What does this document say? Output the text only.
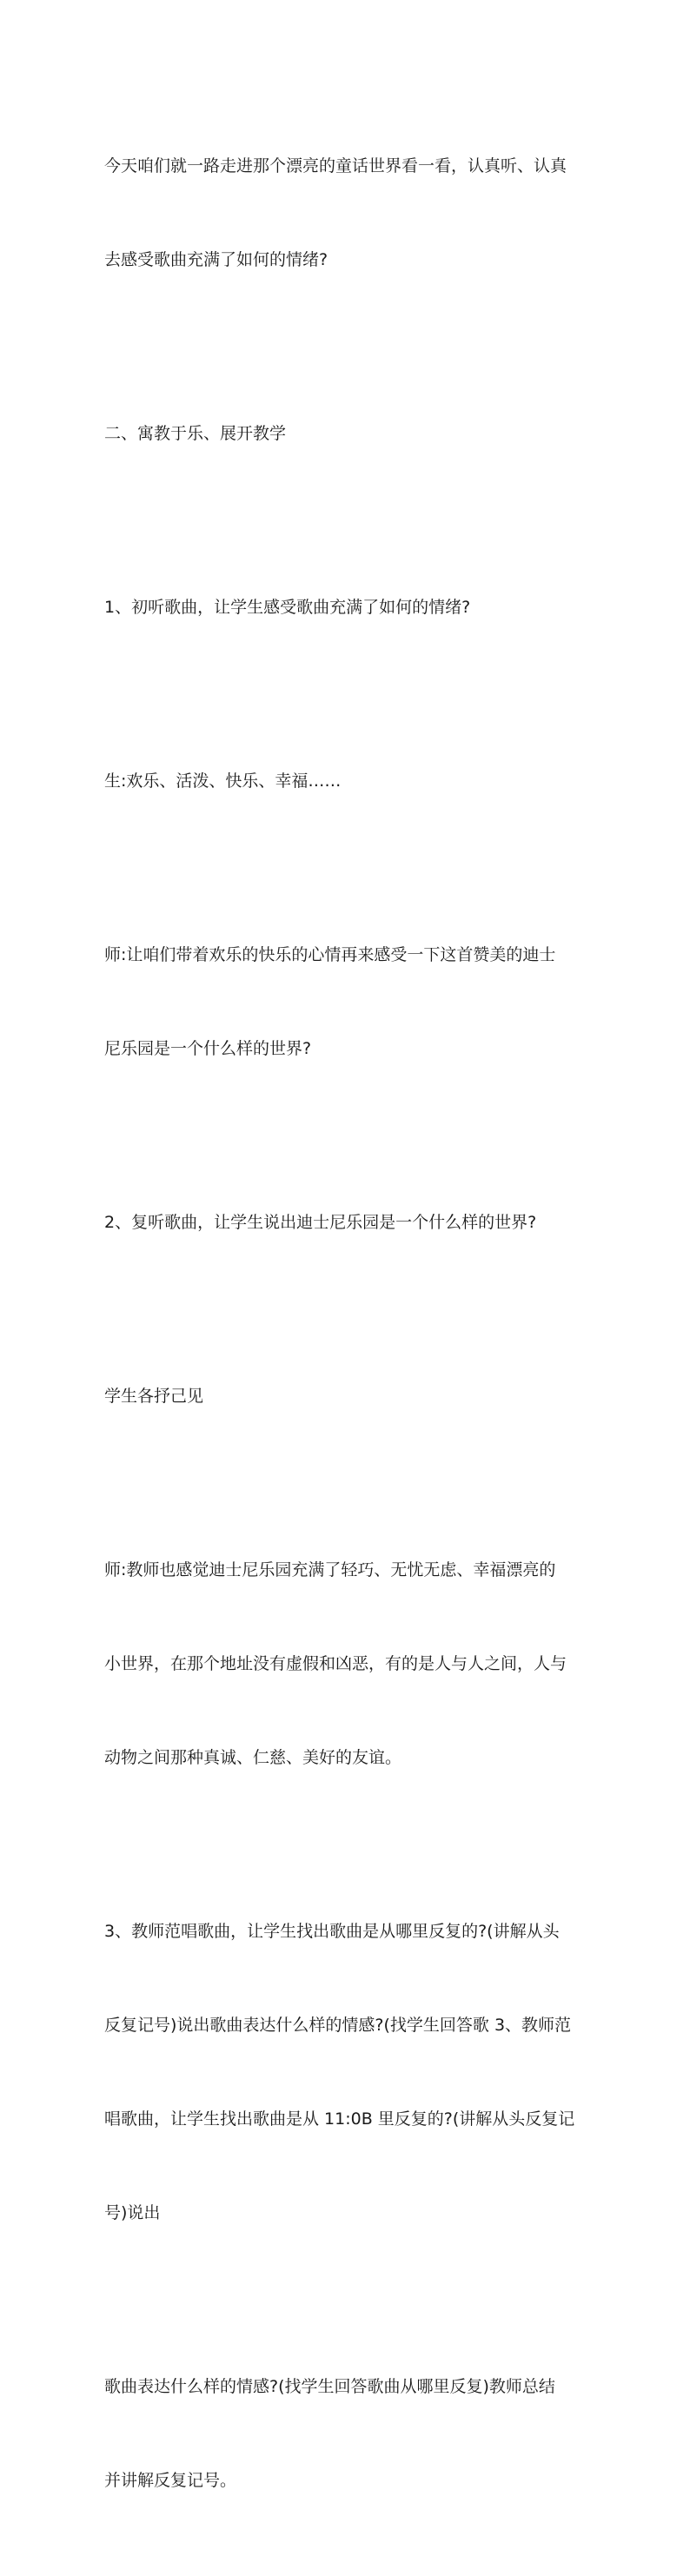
今天咱们就一路走进那个漂亮的童话世界看一看，认真听、认真

去感受歌曲充满了如何的情绪?

二、寓教于乐、展开教学

1、初听歌曲，让学生感受歌曲充满了如何的情绪?

生:欢乐、活泼、快乐、幸福……

师:让咱们带着欢乐的快乐的心情再来感受一下这首赞美的迪士

尼乐园是一个什么样的世界?

2、复听歌曲，让学生说出迪士尼乐园是一个什么样的世界?

学生各抒己见

师:教师也感觉迪士尼乐园充满了轻巧、无忧无虑、幸福漂亮的

小世界，在那个地址没有虚假和凶恶，有的是人与人之间，人与

动物之间那种真诚、仁慈、美好的友谊。

3、教师范唱歌曲，让学生找出歌曲是从哪里反复的?(讲解从头

反复记号)说出歌曲表达什么样的情感?(找学生回答歌 3、教师范

唱歌曲，让学生找出歌曲是从 11:0B 里反复的?(讲解从头反复记

号)说出

歌曲表达什么样的情感?(找学生回答歌曲从哪里反复)教师总结

并讲解反复记号。
